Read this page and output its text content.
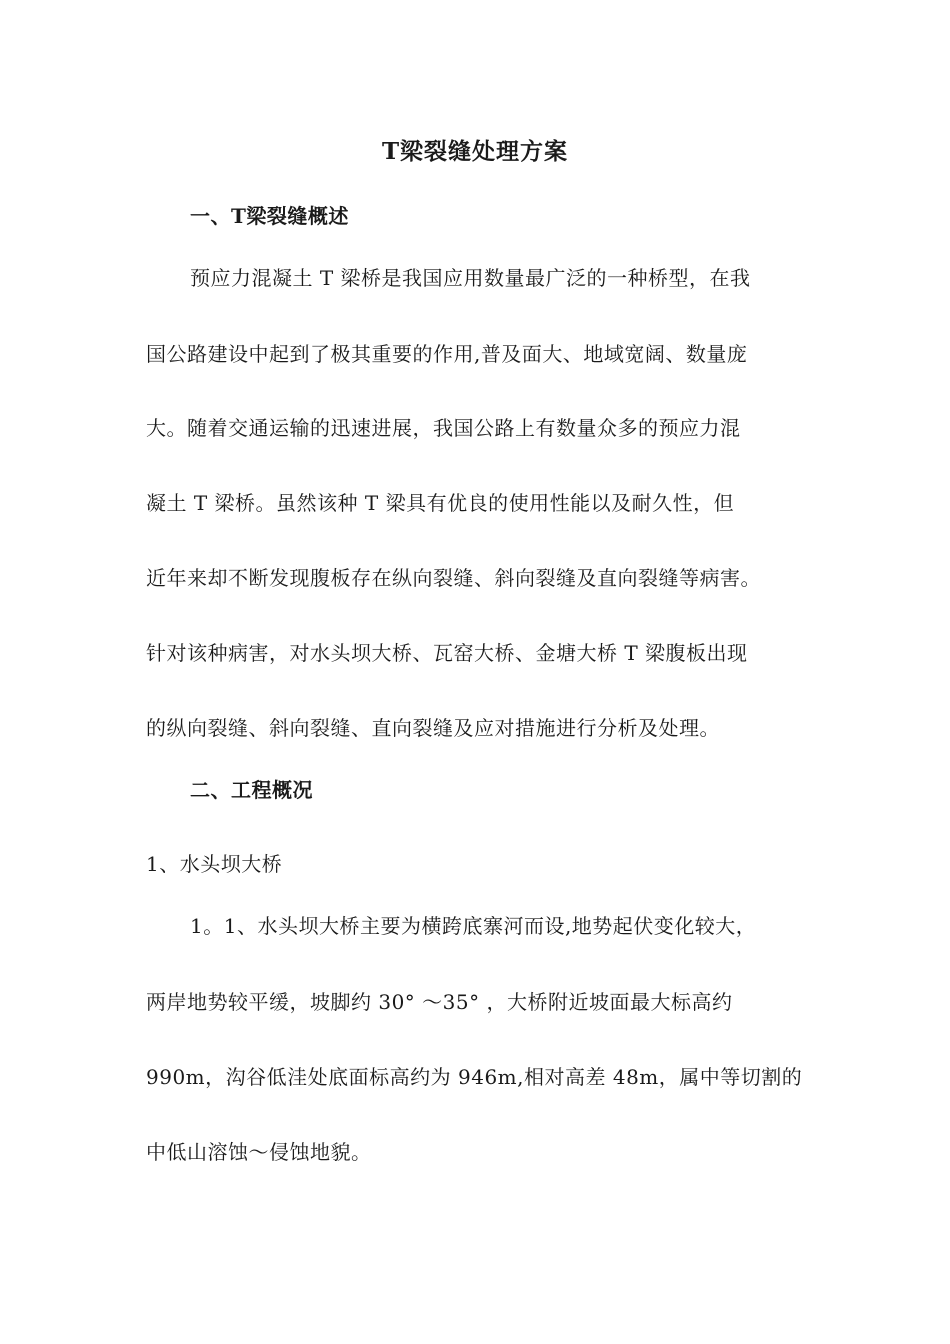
T梁裂缝处理方案
一、T梁裂缝概述
预应力混凝土 T 梁桥是我国应用数量最广泛的一种桥型，在我
国公路建设中起到了极其重要的作用,普及面大、地域宽阔、数量庞
大。随着交通运输的迅速进展，我国公路上有数量众多的预应力混
凝土 T 梁桥。虽然该种 T 梁具有优良的使用性能以及耐久性，但
近年来却不断发现腹板存在纵向裂缝、斜向裂缝及直向裂缝等病害。
针对该种病害，对水头坝大桥、瓦窑大桥、金塘大桥 T 梁腹板出现
的纵向裂缝、斜向裂缝、直向裂缝及应对措施进行分析及处理。
二、工程概况
1、水头坝大桥
1。1、水头坝大桥主要为横跨底寨河而设,地势起伏变化较大，
两岸地势较平缓，坡脚约 30° ～35° ，大桥附近坡面最大标高约
990m，沟谷低洼处底面标高约为 946m,相对高差 48m，属中等切割的
中低山溶蚀～侵蚀地貌。
